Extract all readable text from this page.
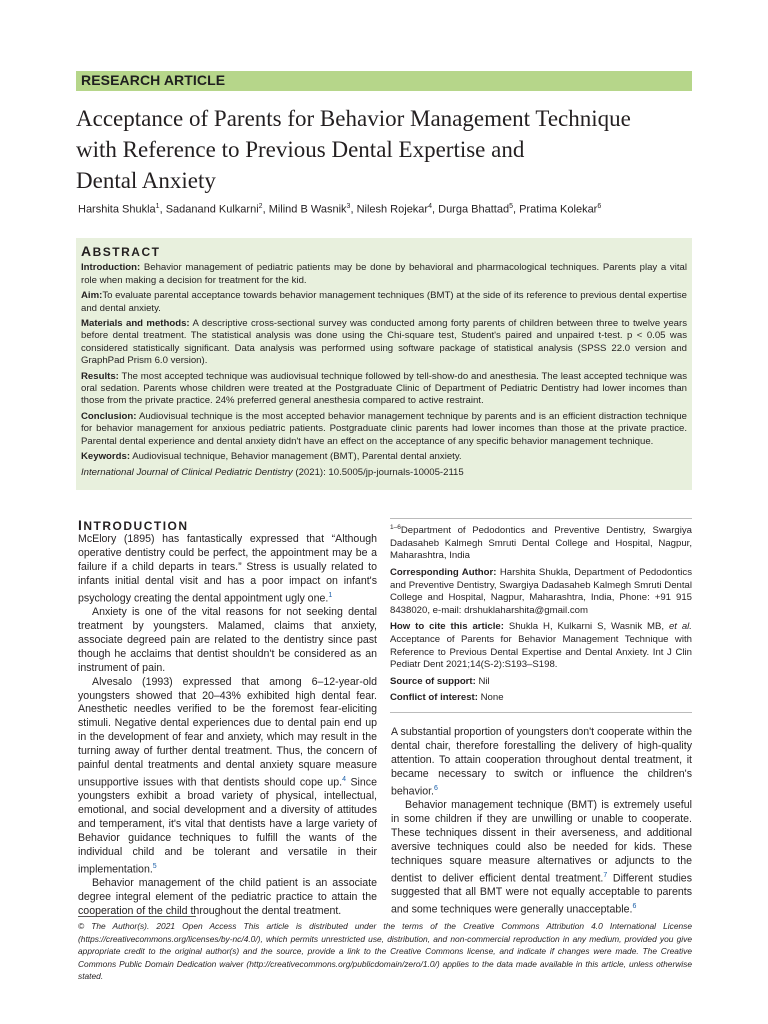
RESEARCH ARTICLE
Acceptance of Parents for Behavior Management Technique
with Reference to Previous Dental Expertise and
Dental Anxiety
Harshita Shukla$^1$, Sadanand Kulkarni$^2$, Milind B Wasnik$^3$, Nilesh Rojekar$^4$, Durga Bhattad$^5$, Pratima Kolekar$^6$
ABSTRACT

Introduction: Behavior management of pediatric patients may be done by behavioral and pharmacological techniques. Parents play a vital role when making a decision for treatment for the kid.

Aim:To evaluate parental acceptance towards behavior management techniques (BMT) at the side of its reference to previous dental expertise and dental anxiety.

Materials and methods: A descriptive cross-sectional survey was conducted among forty parents of children between three to twelve years before dental treatment. The statistical analysis was done using the Chi-square test, Student's paired and unpaired t-test. p < 0.05 was considered statistically significant. Data analysis was performed using software package of statistical analysis (SPSS 22.0 version and GraphPad Prism 6.0 version).

Results: The most accepted technique was audiovisual technique followed by tell-show-do and anesthesia. The least accepted technique was oral sedation. Parents whose children were treated at the Postgraduate Clinic of Department of Pediatric Dentistry had lower incomes than those from the private practice. 24% preferred general anesthesia compared to active restraint.

Conclusion: Audiovisual technique is the most accepted behavior management technique by parents and is an efficient distraction technique for behavior management for anxious pediatric patients. Postgraduate clinic parents had lower incomes than those at the private practice. Parental dental experience and dental anxiety didn't have an effect on the acceptance of any specific behavior management technique.

Keywords: Audiovisual technique, Behavior management (BMT), Parental dental anxiety.

International Journal of Clinical Pediatric Dentistry (2021): 10.5005/jp-journals-10005-2115

INTRODUCTION

McElory (1895) has fantastically expressed that “Although operative dentistry could be perfect, the appointment may be a failure if a child departs in tears.” Stress is usually related to infants initial dental visit and has a poor impact on infant's psychology creating the dental appointment ugly one.$^1$

Anxiety is one of the vital reasons for not seeking dental treatment by youngsters. Malamed, claims that anxiety, associate degreed pain are related to the dentistry since past though he acclaims that dentist shouldn't be considered as an instrument of pain.

Alvesalo (1993) expressed that among 6–12-year-old youngsters showed that 20–43% exhibited high dental fear. Anesthetic needles verified to be the foremost fear-eliciting stimuli. Negative dental experiences due to dental pain end up in the development of fear and anxiety, which may result in the turning away of further dental treatment. Thus, the concern of painful dental treatments and dental anxiety square measure unsupportive issues with that dentists should cope up.$^4$ Since youngsters exhibit a broad variety of physical, intellectual, emotional, and social development and a diversity of attitudes and temperament, it's vital that dentists have a large variety of Behavior guidance techniques to fulfill the wants of the individual child and be tolerant and versatile in their implementation.$^5$

Behavior management of the child patient is an associate degree integral element of the pediatric practice to attain the cooperation of the child throughout the dental treatment.

$^{1-6}$Department of Pedodontics and Preventive Dentistry, Swargiya Dadasaheb Kalmegh Smruti Dental College and Hospital, Nagpur, Maharashtra, India

Corresponding Author: Harshita Shukla, Department of Pedodontics and Preventive Dentistry, Swargiya Dadasaheb Kalmegh Smruti Dental College and Hospital, Nagpur, Maharashtra, India, Phone: +91 915 8438020, e-mail: drshuklaharshita@gmail.com

How to cite this article: Shukla H, Kulkarni S, Wasnik MB, et al. Acceptance of Parents for Behavior Management Technique with Reference to Previous Dental Expertise and Dental Anxiety. Int J Clin Pediatr Dent 2021;14(S-2):S193–S198.

Source of support: Nil

Conflict of interest: None

A substantial proportion of youngsters don't cooperate within the dental chair, therefore forestalling the delivery of high-quality attention. To attain cooperation throughout dental treatment, it became necessary to switch or influence the children's behavior.$^6$

Behavior management technique (BMT) is extremely useful in some children if they are unwilling or unable to cooperate. These techniques dissent in their averseness, and additional aversive techniques could also be needed for kids. These techniques square measure alternatives or adjuncts to the dentist to deliver efficient dental treatment.$^7$ Different studies suggested that all BMT were not equally acceptable to parents and some techniques were generally unacceptable.$^6$

© The Author(s). 2021 Open Access This article is distributed under the terms of the Creative Commons Attribution 4.0 International License (https://creativecommons.org/licenses/by-nc/4.0/), which permits unrestricted use, distribution, and non-commercial reproduction in any medium, provided you give appropriate credit to the original author(s) and the source, provide a link to the Creative Commons license, and indicate if changes were made. The Creative Commons Public Domain Dedication waiver (http://creativecommons.org/publicdomain/zero/1.0/) applies to the data made available in this article, unless otherwise stated.
